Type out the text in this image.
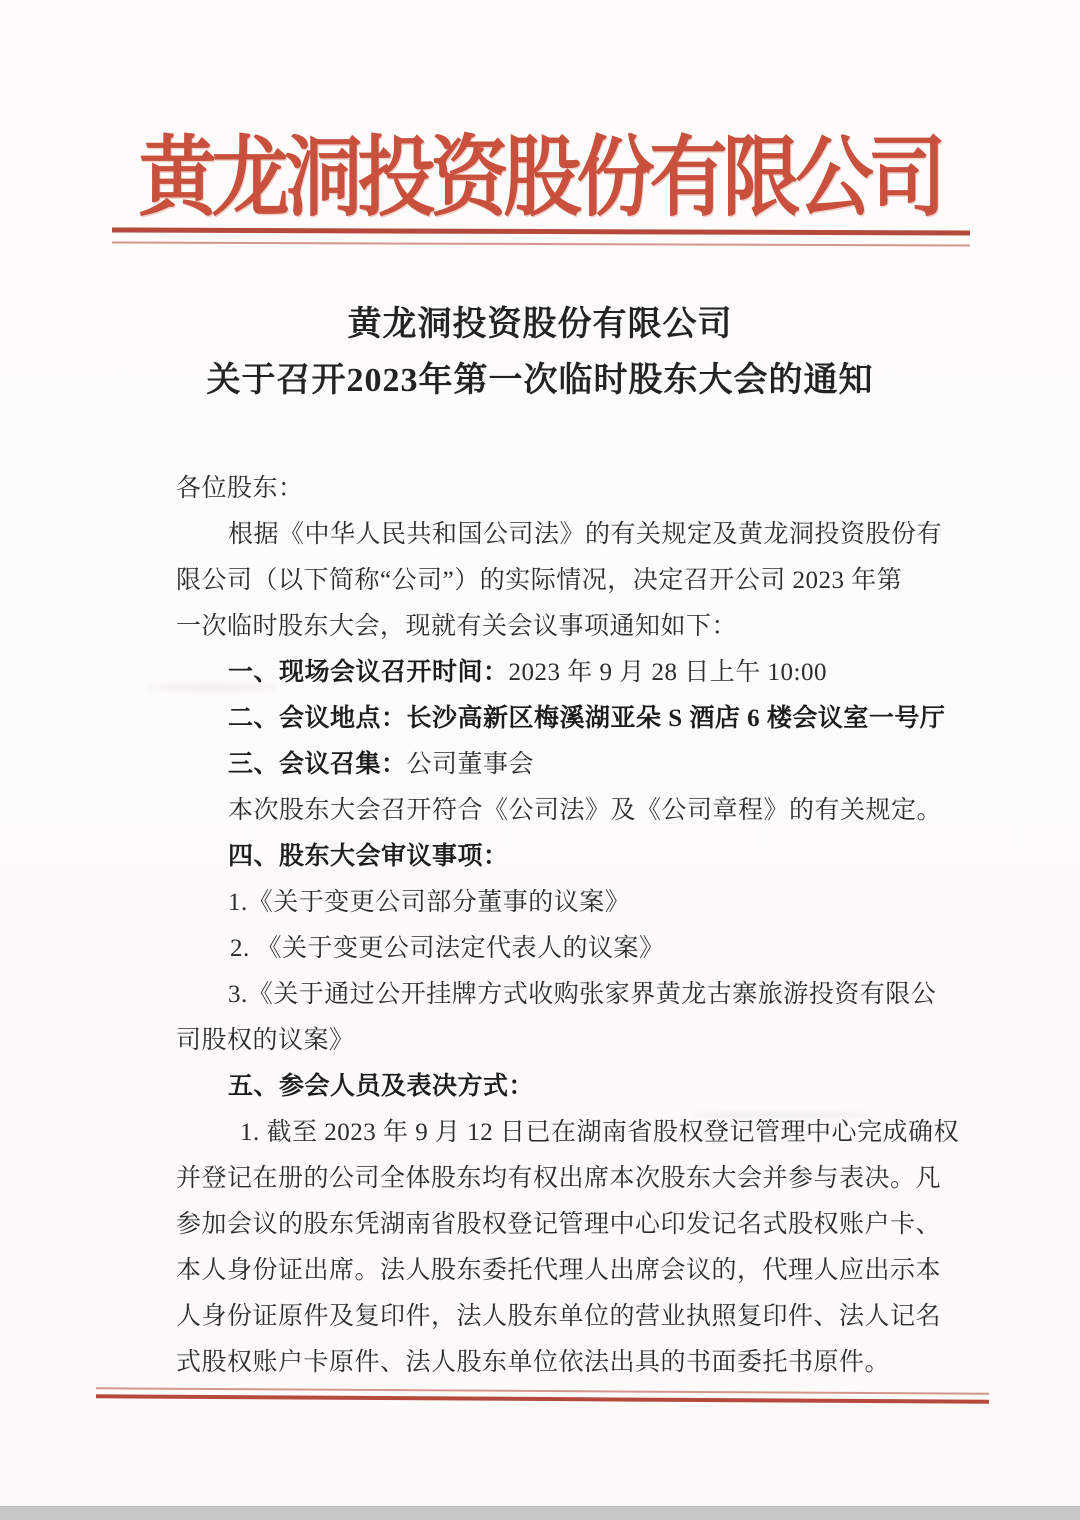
黄龙洞投资股份有限公司
黄龙洞投资股份有限公司
关于召开2023年第一次临时股东大会的通知
各位股东：
根据《中华人民共和国公司法》的有关规定及黄龙洞投资股份有
限公司（以下简称“公司”）的实际情况，决定召开公司 2023 年第
一次临时股东大会，现就有关会议事项通知如下：
一、现场会议召开时间：2023 年 9 月 28 日上午 10:00
二、会议地点：长沙高新区梅溪湖亚朵 S 酒店 6 楼会议室一号厅
三、会议召集：公司董事会
本次股东大会召开符合《公司法》及《公司章程》的有关规定。
四、股东大会审议事项：
1.《关于变更公司部分董事的议案》
2. 《关于变更公司法定代表人的议案》
3.《关于通过公开挂牌方式收购张家界黄龙古寨旅游投资有限公
司股权的议案》
五、参会人员及表决方式：
1. 截至 2023 年 9 月 12 日已在湖南省股权登记管理中心完成确权
并登记在册的公司全体股东均有权出席本次股东大会并参与表决。凡
参加会议的股东凭湖南省股权登记管理中心印发记名式股权账户卡、
本人身份证出席。法人股东委托代理人出席会议的，代理人应出示本
人身份证原件及复印件，法人股东单位的营业执照复印件、法人记名
式股权账户卡原件、法人股东单位依法出具的书面委托书原件。
